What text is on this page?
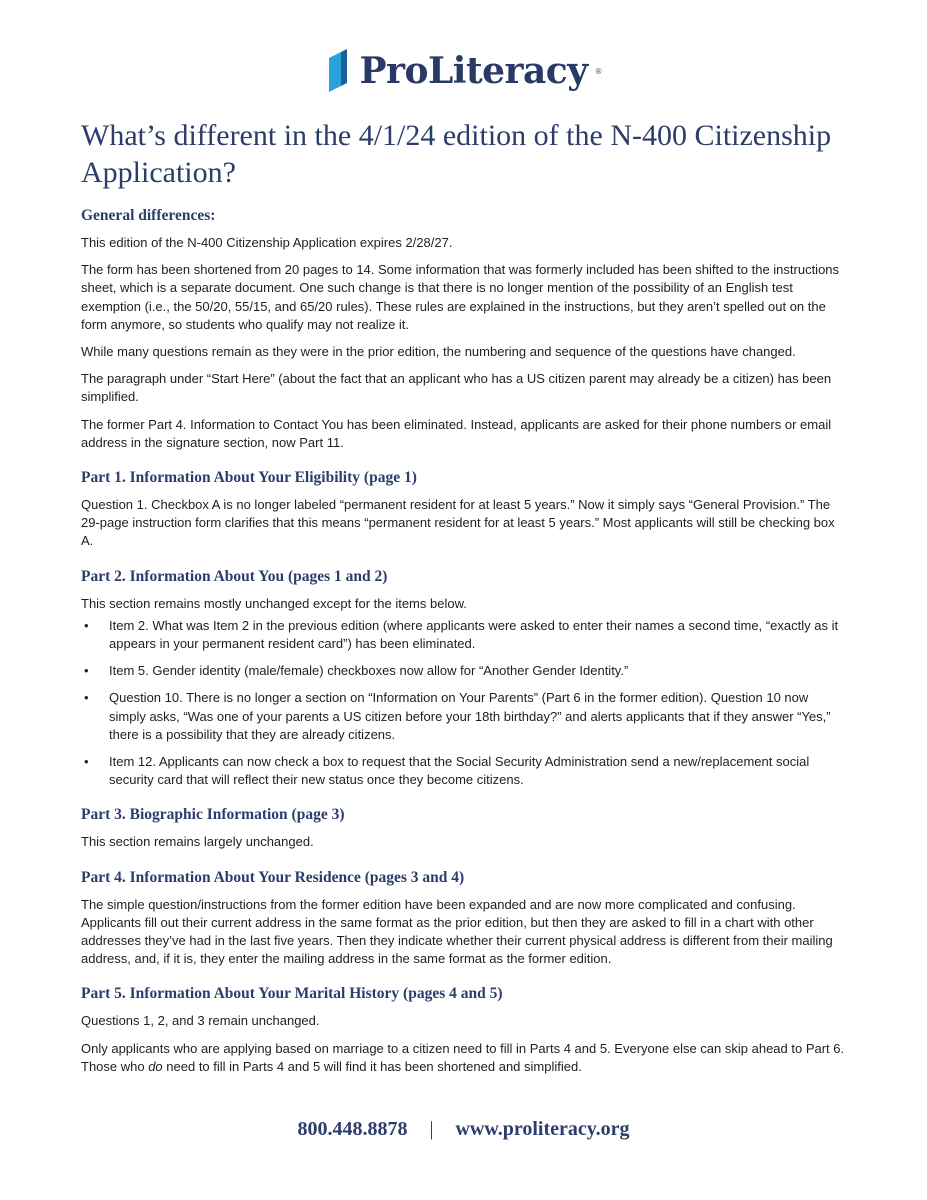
ProLiteracy ®
What’s different in the 4/1/24 edition of the N-400 Citizenship Application?
General differences:

This edition of the N-400 Citizenship Application expires 2/28/27.

The form has been shortened from 20 pages to 14. Some information that was formerly included has been shifted to the instructions sheet, which is a separate document. One such change is that there is no longer mention of the possibility of an English test exemption (i.e., the 50/20, 55/15, and 65/20 rules). These rules are explained in the instructions, but they aren’t spelled out on the form anymore, so students who qualify may not realize it.

While many questions remain as they were in the prior edition, the numbering and sequence of the questions have changed.

The paragraph under “Start Here” (about the fact that an applicant who has a US citizen parent may already be a citizen) has been simplified.

The former Part 4. Information to Contact You has been eliminated. Instead, applicants are asked for their phone numbers or email address in the signature section, now Part 11.

Part 1. Information About Your Eligibility (page 1)

Question 1. Checkbox A is no longer labeled “permanent resident for at least 5 years.” Now it simply says “General Provision.” The 29-page instruction form clarifies that this means “permanent resident for at least 5 years.” Most applicants will still be checking box A.

Part 2. Information About You (pages 1 and 2)

This section remains mostly unchanged except for the items below.

• Item 2. What was Item 2 in the previous edition (where applicants were asked to enter their names a second time, “exactly as it appears in your permanent resident card”) has been eliminated.
• Item 5. Gender identity (male/female) checkboxes now allow for “Another Gender Identity.”
• Question 10. There is no longer a section on “Information on Your Parents” (Part 6 in the former edition). Question 10 now simply asks, “Was one of your parents a US citizen before your 18th birthday?” and alerts applicants that if they answer “Yes,” there is a possibility that they are already citizens.
• Item 12. Applicants can now check a box to request that the Social Security Administration send a new/replacement social security card that will reflect their new status once they become citizens.
Part 3. Biographic Information (page 3)

This section remains largely unchanged.

Part 4. Information About Your Residence (pages 3 and 4)

The simple question/instructions from the former edition have been expanded and are now more complicated and confusing. Applicants fill out their current address in the same format as the prior edition, but then they are asked to fill in a chart with other addresses they’ve had in the last five years. Then they indicate whether their current physical address is different from their mailing address, and, if it is, they enter the mailing address in the same format as the former edition.

Part 5. Information About Your Marital History (pages 4 and 5)

Questions 1, 2, and 3 remain unchanged.

Only applicants who are applying based on marriage to a citizen need to fill in Parts 4 and 5. Everyone else can skip ahead to Part 6. Those who do need to fill in Parts 4 and 5 will find it has been shortened and simplified.

800.448.8878 | www.proliteracy.org
